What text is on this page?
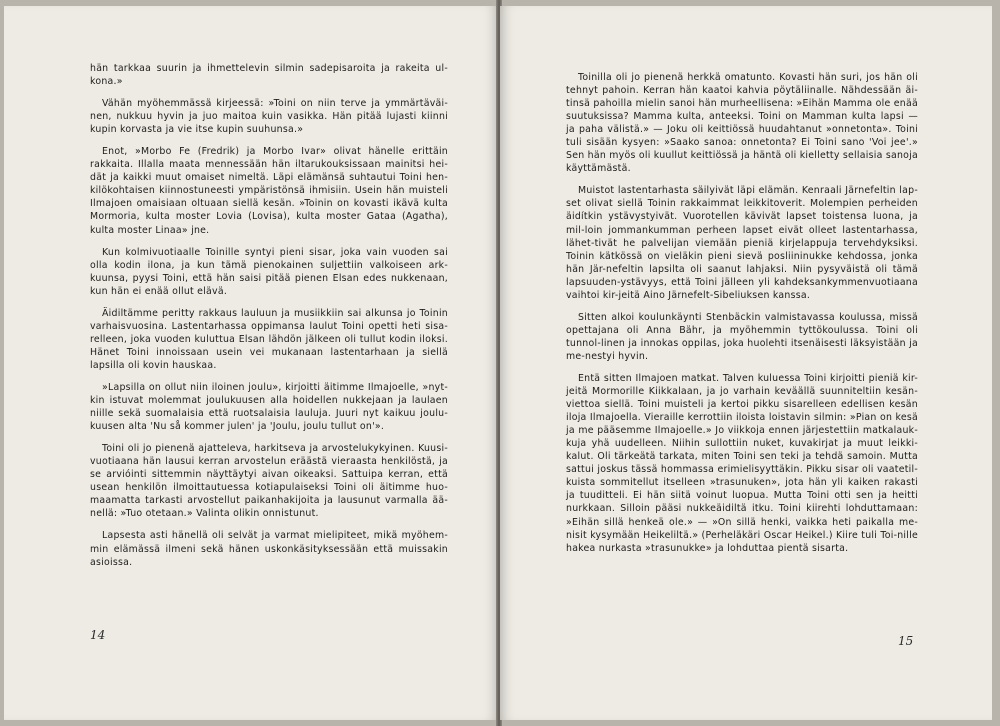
hän tarkkaa suurin ja ihmettelevin silmin sadepisaroita ja rakeita ul-kona.»

Vähän myöhemmässä kirjeessä: »Toini on niin terve ja ymmärtäväi-nen, nukkuu hyvin ja juo maitoa kuin vasikka. Hän pitää lujasti kiinni kupin korvasta ja vie itse kupin suuhunsa.»

Enot, »Morbo Fe (Fredrik) ja Morbo Ivar» olivat hänelle erittäin rakkaita. Illalla maata mennessään hän iltarukouksissaan mainitsi hei-dät ja kaikki muut omaiset nimeltä. Läpi elämänsä suhtautui Toini hen-kilökohtaisen kiinnostuneesti ympäristönsä ihmisiin. Usein hän muisteli Ilmajoen omaisiaan oltuaan siellä kesän. »Toinin on kovasti ikävä kulta Mormoria, kulta moster Lovia (Lovisa), kulta moster Gataa (Agatha), kulta moster Linaa» jne.

Kun kolmivuotiaalle Toinille syntyi pieni sisar, joka vain vuoden sai olla kodin ilona, ja kun tämä pienokainen suljettiin valkoiseen ark-kuunsa, pyysi Toini, että hän saisi pitää pienen Elsan edes nukkenaan, kun hän ei enää ollut elävä.

Äidiltämme peritty rakkaus lauluun ja musiikkiin sai alkunsa jo Toinin varhaisvuosina. Lastentarhassa oppimansa laulut Toini opetti heti sisa-relleen, joka vuoden kuluttua Elsan lähdön jälkeen oli tullut kodin iloksi. Hänet Toini innoissaan usein vei mukanaan lastentarhaan ja siellä lapsilla oli kovin hauskaa.

»Lapsilla on ollut niin iloinen joulu», kirjoitti äitimme Ilmajoelle, »nyt-kin istuvat molemmat joulukuusen alla hoidellen nukkejaan ja laulaen niille sekä suomalaisia että ruotsalaisia lauluja. Juuri nyt kaikuu joulu-kuusen alta 'Nu så kommer julen' ja 'Joulu, joulu tullut on'».

Toini oli jo pienenä ajatteleva, harkitseva ja arvostelukykyinen. Kuusi-vuotiaana hän lausui kerran arvostelun eräästä vieraasta henkilöstä, ja se arvióinti sittemmin näyttäytyi aivan oikeaksi. Sattuipa kerran, että usean henkilön ilmoittautuessa kotiapulaiseksi Toini oli äitimme huo-maamatta tarkasti arvostellut paikanhakijoita ja lausunut varmalla ää-nellä: »Tuo otetaan.» Valinta olikin onnistunut.

Lapsesta asti hänellä oli selvät ja varmat mielipiteet, mikä myöhem-min elämässä ilmeni sekä hänen uskonkäsityksessään että muissakin asioissa.

14

Toinilla oli jo pienenä herkkä omatunto. Kovasti hän suri, jos hän oli tehnyt pahoin. Kerran hän kaatoi kahvia pöytäliinalle. Nähdessään äi-tinsä pahoilla mielin sanoi hän murheellisena: »Eihän Mamma ole enää suutuksissa? Mamma kulta, anteeksi. Toini on Mamman kulta lapsi — ja paha välistä.» — Joku oli keittiössä huudahtanut »onnetonta». Toini tuli sisään kysyen: »Saako sanoa: onnetonta? Ei Toini sano 'Voi jee'.» Sen hän myös oli kuullut keittiössä ja häntä oli kielletty sellaisia sanoja käyttämästä.

Muistot lastentarhasta säilyivät läpi elämän. Kenraali Järnefeltin lap-set olivat siellä Toinin rakkaimmat leikkitoverit. Molempien perheiden äidítkin ystävystyivät. Vuorotellen kävivät lapset toistensa luona, ja mil-loin jommankumman perheen lapset eivät olleet lastentarhassa, lähet-tivät he palvelijan viemään pieniä kirjelappuja tervehdyksiksi. Toinin kätkössä on vieläkin pieni sievä posliininukke kehdossa, jonka hän Jär-nefeltin lapsilta oli saanut lahjaksi. Niin pysyväistä oli tämä lapsuuden-ystävyys, että Toini jälleen yli kahdeksankymmenvuotiaana vaihtoi kir-jeitä Aino Järnefelt-Sibeliuksen kanssa.

Sitten alkoi koulunkäynti Stenbäckin valmistavassa koulussa, missä opettajana oli Anna Bähr, ja myöhemmin tyttökoulussa. Toini oli tunnol-linen ja innokas oppilas, joka huolehti itsenäisesti läksyistään ja me-nestyi hyvin.

Entä sitten Ilmajoen matkat. Talven kuluessa Toini kirjoitti pieniä kir-jeitä Mormorille Kiikkalaan, ja jo varhain keväällä suunniteltiin kesän-viettoa siellä. Toini muisteli ja kertoi pikku sisarelleen edellisen kesän iloja Ilmajoella. Vieraille kerrottiin iloista loistavin silmin: »Pian on kesä ja me pääsemme Ilmajoelle.» Jo viikkoja ennen järjestettiin matkalauk-kuja yhä uudelleen. Niihin sullottiin nuket, kuvakirjat ja muut leikki-kalut. Oli tärkeätä tarkata, miten Toini sen teki ja tehdä samoin. Mutta sattui joskus tässä hommassa erimielisyyttäkin. Pikku sisar oli vaatetil-kuista sommitellut itselleen »trasunuken», jota hän yli kaiken rakasti ja tuuditteli. Ei hän siitä voinut luopua. Mutta Toini otti sen ja heitti nurkkaan. Silloin pääsi nukkeäidiltä itku. Toini kiirehti lohduttamaan: »Eihän sillä henkeä ole.» — »On sillä henki, vaikka heti paikalla me-nisit kysymään Heikeliltä.» (Perheläkäri Oscar Heikel.) Kiire tuli Toi-nille hakea nurkasta »trasunukke» ja lohduttaa pientä sisarta.

15
